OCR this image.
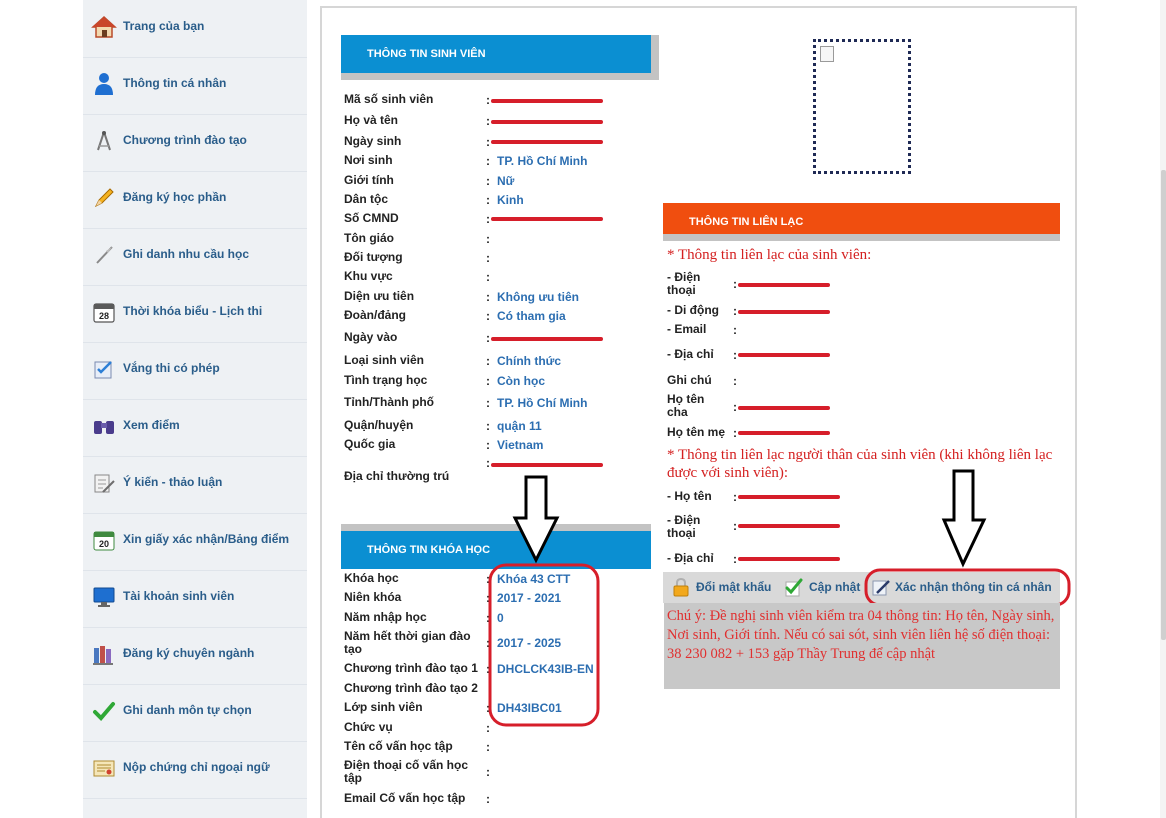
Trang của bạn
Thông tin cá nhân
Chương trình đào tạo
Đăng ký học phần
Ghi danh nhu cầu học
28 Thời khóa biểu - Lịch thi
Vắng thi có phép
Xem điểm
Ý kiến - thảo luận
20 Xin giấy xác nhận/Bảng điểm
Tài khoản sinh viên
Đăng ký chuyên ngành
Ghi danh môn tự chọn
Nộp chứng chỉ ngoại ngữ
THÔNG TIN SINH VIÊN
Mã số sinh viên	:
Họ và tên	:
Ngày sinh	:
Nơi sinh	: TP. Hồ Chí Minh
Giới tính	: Nữ
Dân tộc	: Kinh
Số CMND	:
Tôn giáo	:
Đối tượng	:
Khu vực	:
Diện ưu tiên	: Không ưu tiên
Đoàn/đảng	: Có tham gia
Ngày vào	:
Loại sinh viên	: Chính thức
Tình trạng học	: Còn học
Tỉnh/Thành phố	: TP. Hồ Chí Minh
Quận/huyện	: quận 11
Quốc gia	: Vietnam
Địa chỉ thường trú
:
THÔNG TIN KHÓA HỌC
Khóa học	Khóa 43 CTT
Niên khóa	2017 - 2021
Năm nhập học	0
Năm hết thời gian đào tạo	2017 - 2025
Chương trình đào tạo 1 DHCLCK43IB-EN
Chương trình đào tạo 2
Lớp sinh viên	DH43IBC01
Chức vụ	:
Tên cố vấn học tập	:
Điện thoại cố vấn học tập	:
Email Cố vấn học tập :
:
:
:
:
:
:
THÔNG TIN LIÊN LẠC
* Thông tin liên lạc của sinh viên:
- Điện thoại	:
- Di động :
- Email :
- Địa chỉ :
Ghi chú :
Họ tên cha	:
Họ tên mẹ :
* Thông tin liên lạc người thân của sinh viên (khi không liên lạc được với sinh viên):
- Họ tên :
- Điện thoại	:
- Địa chỉ :
Đổi mật khẩu	Cập nhật	Xác nhận thông tin cá nhân
Chú ý: Đề nghị sinh viên kiểm tra 04 thông tin: Họ tên, Ngày sinh, Nơi sinh, Giới tính. Nếu có sai sót, sinh viên liên hệ số điện thoại: 38 230 082 + 153 gặp Thầy Trung để cập nhật
